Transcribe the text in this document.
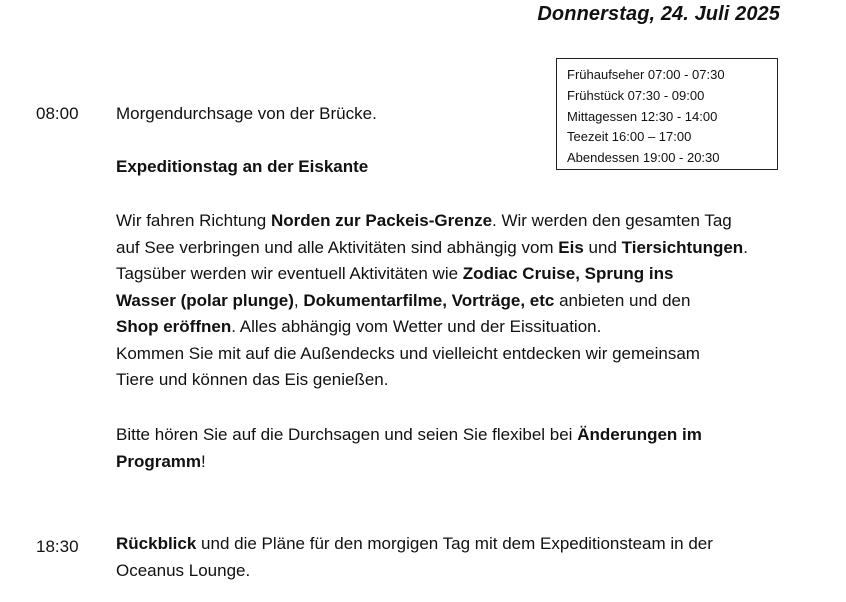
Donnerstag, 24. Juli 2025
Frühaufseher 07:00 - 07:30
Frühstück 07:30 - 09:00
Mittagessen 12:30 - 14:00
Teezeit 16:00 – 17:00
Abendessen 19:00 - 20:30
08:00 Morgendurchsage von der Brücke.
Expeditionstag an der Eiskante
Wir fahren Richtung Norden zur Packeis-Grenze. Wir werden den gesamten Tag
auf See verbringen und alle Aktivitäten sind abhängig vom Eis und Tiersichtungen.
Tagsüber werden wir eventuell Aktivitäten wie Zodiac Cruise, Sprung ins
Wasser (polar plunge), Dokumentarfilme, Vorträge, etc anbieten und den
Shop eröffnen. Alles abhängig vom Wetter und der Eissituation.
Kommen Sie mit auf die Außendecks und vielleicht entdecken wir gemeinsam
Tiere und können das Eis genießen.
Bitte hören Sie auf die Durchsagen und seien Sie flexibel bei Änderungen im
Programm!
18:30 Rückblick und die Pläne für den morgigen Tag mit dem Expeditionsteam in der
Oceanus Lounge.
